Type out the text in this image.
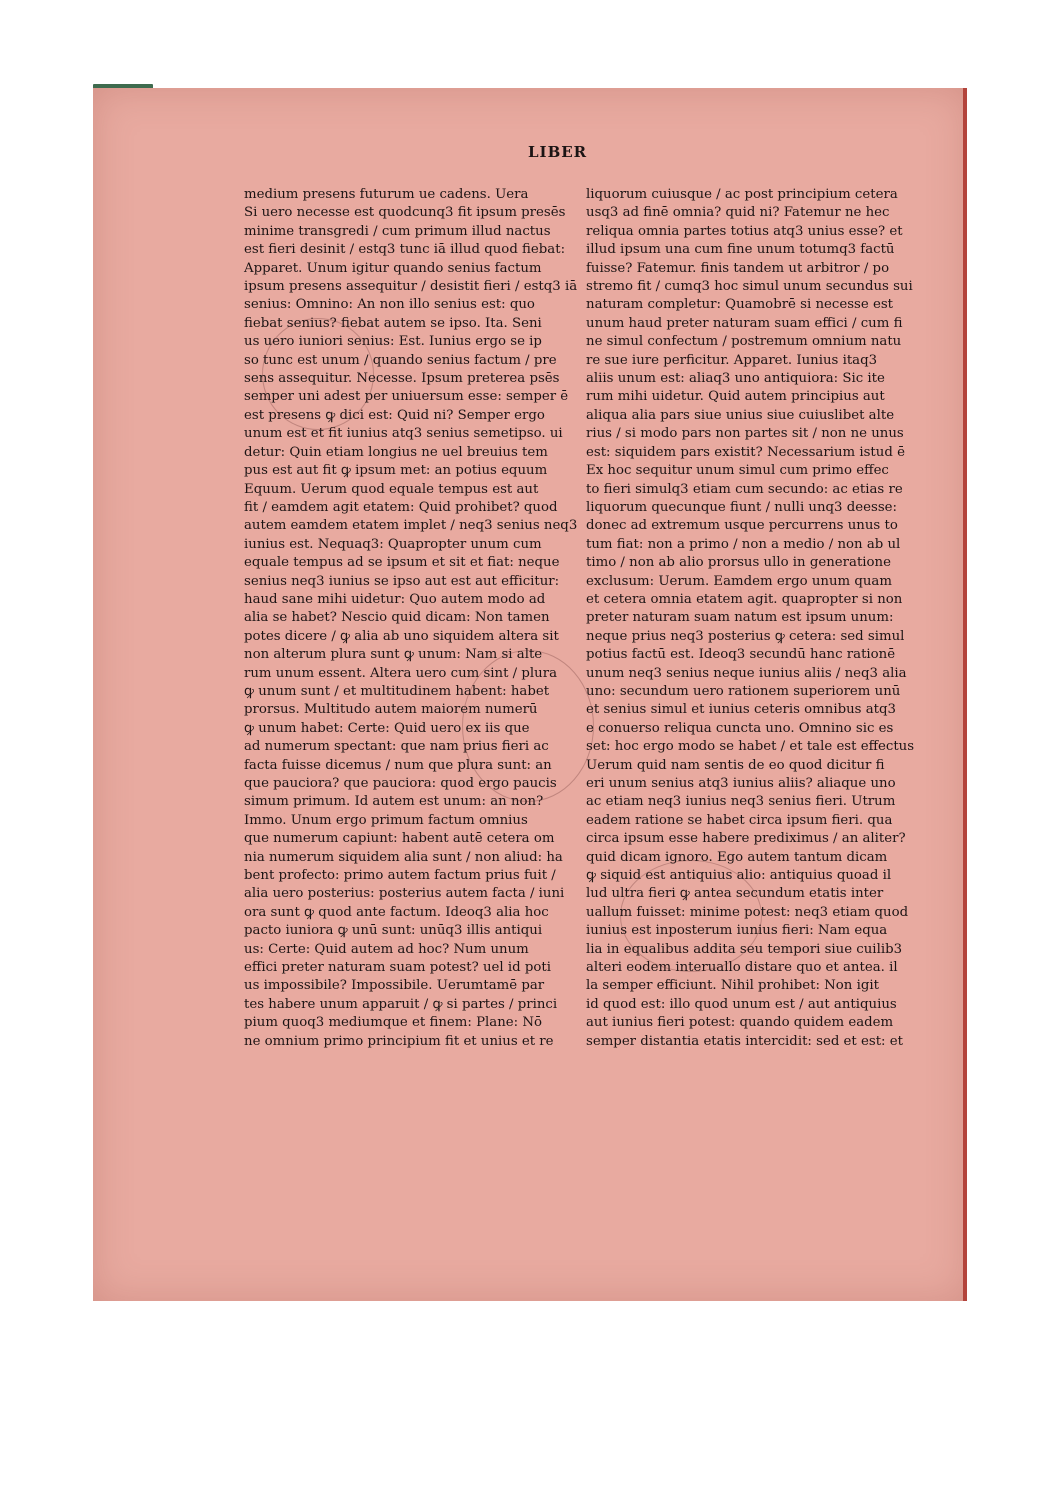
LIBER
medium presens futurum ue cadens. Uera
Si uero necesse est quodcunq3 fit ipsum presēs
minime transgredi / cum primum illud nactus
est fieri desinit / estq3 tunc iā illud quod fiebat:
Apparet. Unum igitur quando senius factum
ipsum presens assequitur / desistit fieri / estq3 iā
senius: Omnino: An non illo senius est: quo
fiebat senius? fiebat autem se ipso. Ita. Seni
us uero iuniori senius: Est. Iunius ergo se ip
so tunc est unum / quando senius factum / pre
sens assequitur. Necesse. Ipsum preterea psēs
semper uni adest per uniuersum esse: semper ē
est presens ꝙ dici est: Quid ni? Semper ergo
unum est et fit iunius atq3 senius semetipso. ui
detur: Quin etiam longius ne uel breuius tem
pus est aut fit ꝙ ipsum met: an potius equum
Equum. Uerum quod equale tempus est aut
fit / eamdem agit etatem: Quid prohibet? quod
autem eamdem etatem implet / neq3 senius neq3
iunius est. Nequaq3: Quapropter unum cum
equale tempus ad se ipsum et sit et fiat: neque
senius neq3 iunius se ipso aut est aut efficitur:
haud sane mihi uidetur: Quo autem modo ad
alia se habet? Nescio quid dicam: Non tamen
potes dicere / ꝙ alia ab uno siquidem altera sit
non alterum plura sunt ꝙ unum: Nam si alte
rum unum essent. Altera uero cum sint / plura
ꝙ unum sunt / et multitudinem habent: habet
prorsus. Multitudo autem maiorem numerū
ꝙ unum habet: Certe: Quid uero ex iis que
ad numerum spectant: que nam prius fieri ac
facta fuisse dicemus / num que plura sunt: an
que pauciora? que pauciora: quod ergo paucis
simum primum. Id autem est unum: an non?
Immo. Unum ergo primum factum omnius
que numerum capiunt: habent autē cetera om
nia numerum siquidem alia sunt / non aliud: ha
bent profecto: primo autem factum prius fuit /
alia uero posterius: posterius autem facta / iuni
ora sunt ꝙ quod ante factum. Ideoq3 alia hoc
pacto iuniora ꝙ unū sunt: unūq3 illis antiqui
us: Certe: Quid autem ad hoc? Num unum
effici preter naturam suam potest? uel id poti
us impossibile? Impossibile. Uerumtamē par
tes habere unum apparuit / ꝙ si partes / princi
pium quoq3 mediumque et finem: Plane: Nō
ne omnium primo principium fit et unius et re
liquorum cuiusque / ac post principium cetera
usq3 ad finē omnia? quid ni? Fatemur ne hec
reliqua omnia partes totius atq3 unius esse? et
illud ipsum una cum fine unum totumq3 factū
fuisse? Fatemur. finis tandem ut arbitror / po
stremo fit / cumq3 hoc simul unum secundus sui
naturam completur: Quamobrē si necesse est
unum haud preter naturam suam effici / cum fi
ne simul confectum / postremum omnium natu
re sue iure perficitur. Apparet. Iunius itaq3
aliis unum est: aliaq3 uno antiquiora: Sic ite
rum mihi uidetur. Quid autem principius aut
aliqua alia pars siue unius siue cuiuslibet alte
rius / si modo pars non partes sit / non ne unus
est: siquidem pars existit? Necessarium istud ē
Ex hoc sequitur unum simul cum primo effec
to fieri simulq3 etiam cum secundo: ac etias re
liquorum quecunque fiunt / nulli unq3 deesse:
donec ad extremum usque percurrens unus to
tum fiat: non a primo / non a medio / non ab ul
timo / non ab alio prorsus ullo in generatione
exclusum: Uerum. Eamdem ergo unum quam
et cetera omnia etatem agit. quapropter si non
preter naturam suam natum est ipsum unum:
neque prius neq3 posterius ꝙ cetera: sed simul
potius factū est. Ideoq3 secundū hanc rationē
unum neq3 senius neque iunius aliis / neq3 alia
uno: secundum uero rationem superiorem unū
et senius simul et iunius ceteris omnibus atq3
e conuerso reliqua cuncta uno. Omnino sic es
set: hoc ergo modo se habet / et tale est effectus
Uerum quid nam sentis de eo quod dicitur fi
eri unum senius atq3 iunius aliis? aliaque uno
ac etiam neq3 iunius neq3 senius fieri. Utrum
eadem ratione se habet circa ipsum fieri. qua
circa ipsum esse habere prediximus / an aliter?
quid dicam ignoro. Ego autem tantum dicam
ꝙ siquid est antiquius alio: antiquius quoad il
lud ultra fieri ꝙ antea secundum etatis inter
uallum fuisset: minime potest: neq3 etiam quod
iunius est inposterum iunius fieri: Nam equa
lia in equalibus addita seu tempori siue cuilib3
alteri eodem interuallo distare quo et antea. il
la semper efficiunt. Nihil prohibet: Non igit
id quod est: illo quod unum est / aut antiquius
aut iunius fieri potest: quando quidem eadem
semper distantia etatis intercidit: sed et est: et
